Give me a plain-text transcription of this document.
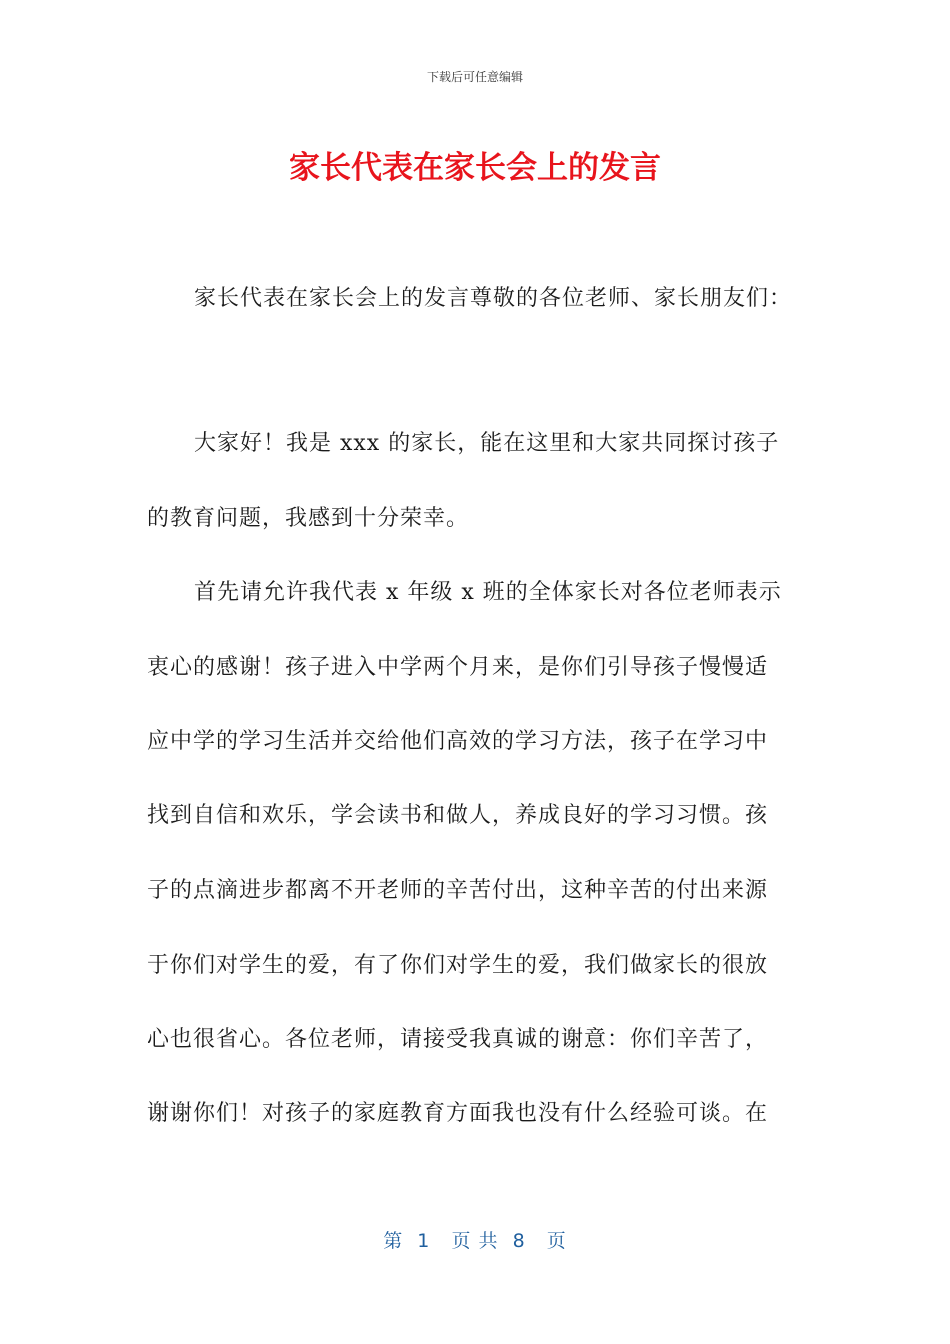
下载后可任意编辑
家长代表在家长会上的发言
家长代表在家长会上的发言尊敬的各位老师、家长朋友们：
大家好！我是 xxx 的家长，能在这里和大家共同探讨孩子
的教育问题，我感到十分荣幸。
首先请允许我代表 x 年级 x 班的全体家长对各位老师表示
衷心的感谢！孩子进入中学两个月来，是你们引导孩子慢慢适
应中学的学习生活并交给他们高效的学习方法，孩子在学习中
找到自信和欢乐，学会读书和做人，养成良好的学习习惯。孩
子的点滴进步都离不开老师的辛苦付出，这种辛苦的付出来源
于你们对学生的爱，有了你们对学生的爱，我们做家长的很放
心也很省心。各位老师，请接受我真诚的谢意：你们辛苦了，
谢谢你们！对孩子的家庭教育方面我也没有什么经验可谈。在
第  1   页 共  8   页
